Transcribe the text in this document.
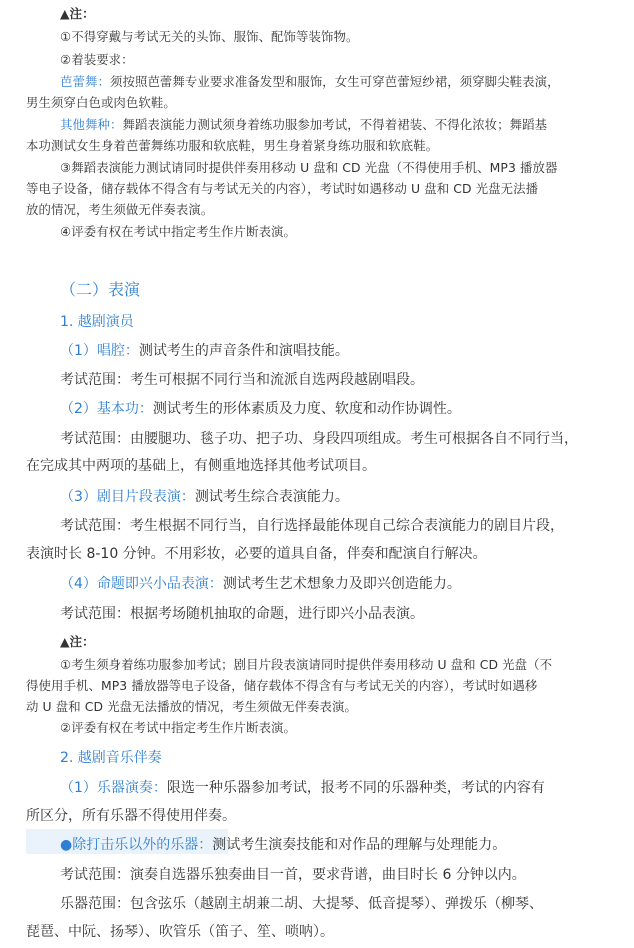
▲注：
①不得穿戴与考试无关的头饰、服饰、配饰等装饰物。
②着装要求：
芭蕾舞：须按照芭蕾舞专业要求准备发型和服饰，女生可穿芭蕾短纱裙，须穿脚尖鞋表演，
男生须穿白色或肉色软鞋。
其他舞种：舞蹈表演能力测试须身着练功服参加考试，不得着裙装、不得化浓妆；舞蹈基
本功测试女生身着芭蕾舞练功服和软底鞋，男生身着紧身练功服和软底鞋。
③舞蹈表演能力测试请同时提供伴奏用移动 U 盘和 CD 光盘（不得使用手机、MP3 播放器
等电子设备，储存载体不得含有与考试无关的内容），考试时如遇移动 U 盘和 CD 光盘无法播
放的情况，考生须做无伴奏表演。
④评委有权在考试中指定考生作片断表演。
（二）表演
1. 越剧演员
（1）唱腔：测试考生的声音条件和演唱技能。
考试范围：考生可根据不同行当和流派自选两段越剧唱段。
（2）基本功：测试考生的形体素质及力度、软度和动作协调性。
考试范围：由腰腿功、毯子功、把子功、身段四项组成。考生可根据各自不同行当，
在完成其中两项的基础上，有侧重地选择其他考试项目。
（3）剧目片段表演：测试考生综合表演能力。
考试范围：考生根据不同行当，自行选择最能体现自己综合表演能力的剧目片段，
表演时长 8-10 分钟。不用彩妆，必要的道具自备，伴奏和配演自行解决。
（4）命题即兴小品表演：测试考生艺术想象力及即兴创造能力。
考试范围：根据考场随机抽取的命题，进行即兴小品表演。
▲注：
①考生须身着练功服参加考试；剧目片段表演请同时提供伴奏用移动 U 盘和 CD 光盘（不
得使用手机、MP3 播放器等电子设备，储存载体不得含有与考试无关的内容），考试时如遇移
动 U 盘和 CD 光盘无法播放的情况，考生须做无伴奏表演。
②评委有权在考试中指定考生作片断表演。
2. 越剧音乐伴奏
（1）乐器演奏：限选一种乐器参加考试，报考不同的乐器种类，考试的内容有
所区分，所有乐器不得使用伴奏。
●除打击乐以外的乐器：测试考生演奏技能和对作品的理解与处理能力。
考试范围：演奏自选器乐独奏曲目一首，要求背谱，曲目时长 6 分钟以内。
乐器范围：包含弦乐（越剧主胡兼二胡、大提琴、低音提琴）、弹拨乐（柳琴、
琵琶、中阮、扬琴）、吹管乐（笛子、笙、唢呐）。
